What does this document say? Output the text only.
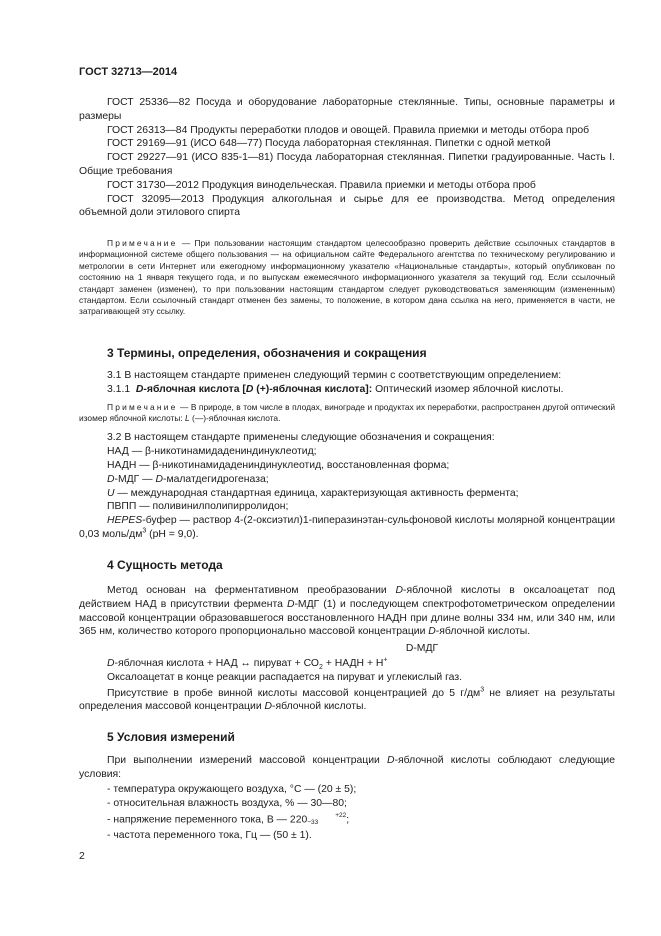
ГОСТ 32713—2014

ГОСТ 25336—82 Посуда и оборудование лабораторные стеклянные. Типы, основные параметры и размеры

ГОСТ 26313—84 Продукты переработки плодов и овощей. Правила приемки и методы отбора проб

ГОСТ 29169—91 (ИСО 648—77) Посуда лабораторная стеклянная. Пипетки с одной меткой

ГОСТ 29227—91 (ИСО 835-1—81) Посуда лабораторная стеклянная. Пипетки градуированные. Часть I. Общие требования

ГОСТ 31730—2012 Продукция винодельческая. Правила приемки и методы отбора проб

ГОСТ 32095—2013 Продукция алкогольная и сырье для ее производства. Метод определения объемной доли этилового спирта

Примечание — При пользовании настоящим стандартом целесообразно проверить действие ссылочных стандартов в информационной системе общего пользования — на официальном сайте Федерального агентства по техническому регулированию и метрологии в сети Интернет или ежегодному информационному указателю «Национальные стандарты», который опубликован по состоянию на 1 января текущего года, и по выпускам ежемесячного информационного указателя за текущий год. Если ссылочный стандарт заменен (изменен), то при пользовании настоящим стандартом следует руководствоваться заменяющим (измененным) стандартом. Если ссылочный стандарт отменен без замены, то положение, в котором дана ссылка на него, применяется в части, не затрагивающей эту ссылку.

3 Термины, определения, обозначения и сокращения

3.1 В настоящем стандарте применен следующий термин с соответствующим определением:

3.1.1 D-яблочная кислота [D (+)-яблочная кислота]: Оптический изомер яблочной кислоты.

Примечание — В природе, в том числе в плодах, винограде и продуктах их переработки, распространен другой оптический изомер яблочной кислоты: L (—)-яблочная кислота.

3.2 В настоящем стандарте применены следующие обозначения и сокращения:

НАД — β-никотинамидадениндинуклеотид;

НАДН — β-никотинамидадениндинуклеотид, восстановленная форма;

D-МДГ — D-малатдегидрогеназа;

U — международная стандартная единица, характеризующая активность фермента;

ПВПП — поливинилполипирролидон;

HEPES-буфер — раствор 4-(2-оксиэтил)1-пиперазинэтан-сульфоновой кислоты молярной концентрации 0,03 моль/$дм^3$ (рН = 9,0).

4 Сущность метода

Метод основан на ферментативном преобразовании D-яблочной кислоты в оксалоацетат под действием НАД в присутствии фермента D-МДГ (1) и последующем спектрофотометрическом определении массовой концентрации образовавшегося восстановленного НАДН при длине волны 334 нм, или 340 нм, или 365 нм, количество которого пропорционально массовой концентрации D-яблочной кислоты.

D-МДГ

D-яблочная кислота + НАД ↔ пируват + $СО_2$ + НАДН + Н+

Оксалоацетат в конце реакции распадается на пируват и углекислый газ.

Присутствие в пробе винной кислоты массовой концентрацией до 5 $г/дм^3$ не влияет на результаты определения массовой концентрации D-яблочной кислоты.

5 Условия измерений

При выполнении измерений массовой концентрации D-яблочной кислоты соблюдают следующие условия:

- температура окружающего воздуха, °С — (20 ± 5);

- относительная влажность воздуха, % — 30—80;

- напряжение переменного тока, В — 220	+22
−33	;

- частота переменного тока, Гц — (50 ± 1).

2
